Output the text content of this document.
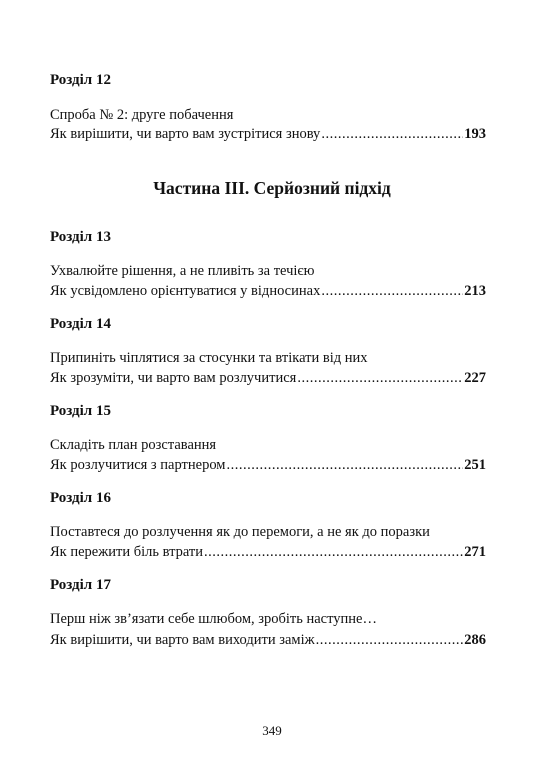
Розділ 12
Спроба № 2: друге побачення
Як вирішити, чи варто вам зустрітися знову .....	193
Частина III. Серйозний підхід
Розділ 13
Ухвалюйте рішення, а не пливіть за течією
Як усвідомлено орієнтуватися у відносинах .....	213
Розділ 14
Припиніть чіплятися за стосунки та втікати від них
Як зрозуміти, чи варто вам розлучитися .....	227
Розділ 15
Складіть план розставання
Як розлучитися з партнером .....	251
Розділ 16
Поставтеся до розлучення як до перемоги, а не як до поразки
Як пережити біль втрати .....	271
Розділ 17
Перш ніж зв’язати себе шлюбом, зробіть наступне…
Як вирішити, чи варто вам виходити заміж .....	286
349
